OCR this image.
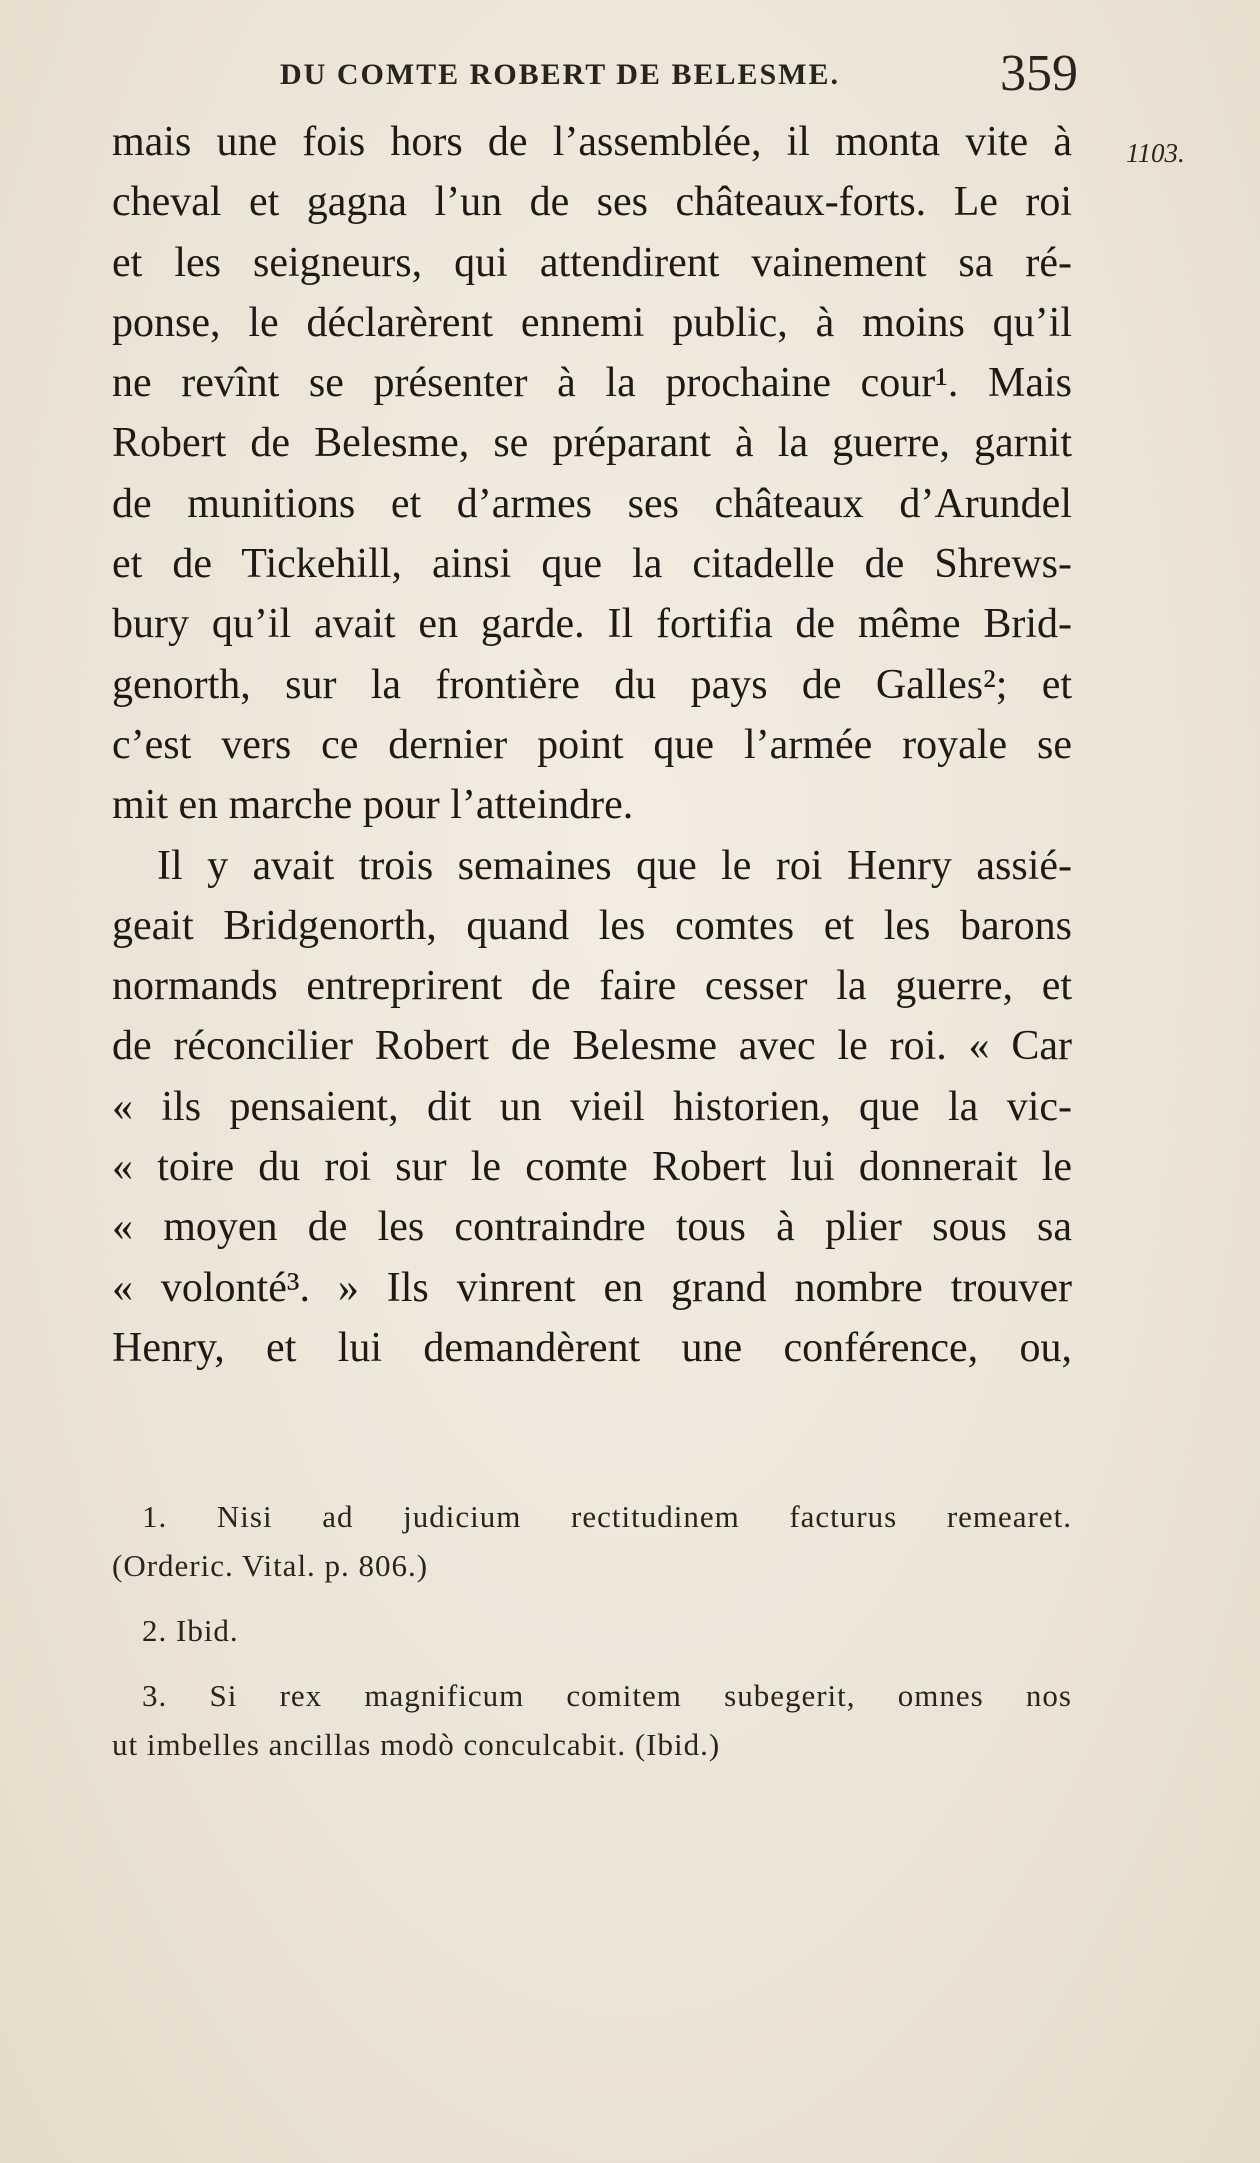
DU COMTE ROBERT DE BELESME.	359
1103.
mais une fois hors de l’assemblée, il monta vite à
cheval et gagna l’un de ses châteaux-forts. Le roi
et les seigneurs, qui attendirent vainement sa ré-
ponse, le déclarèrent ennemi public, à moins qu’il
ne revînt se présenter à la prochaine cour¹. Mais
Robert de Belesme, se préparant à la guerre, garnit
de munitions et d’armes ses châteaux d’Arundel
et de Tickehill, ainsi que la citadelle de Shrews-
bury qu’il avait en garde. Il fortifia de même Brid-
genorth, sur la frontière du pays de Galles²; et
c’est vers ce dernier point que l’armée royale se
mit en marche pour l’atteindre.
Il y avait trois semaines que le roi Henry assié-
geait Bridgenorth, quand les comtes et les barons
normands entreprirent de faire cesser la guerre, et
de réconcilier Robert de Belesme avec le roi. « Car
« ils pensaient, dit un vieil historien, que la vic-
« toire du roi sur le comte Robert lui donnerait le
« moyen de les contraindre tous à plier sous sa
« volonté³. » Ils vinrent en grand nombre trouver
Henry, et lui demandèrent une conférence, ou,
1. Nisi ad judicium rectitudinem facturus remearet.
(Orderic. Vital. p. 806.)
2. Ibid.
3. Si rex magnificum comitem subegerit, omnes nos
ut imbelles ancillas modò conculcabit. (Ibid.)
